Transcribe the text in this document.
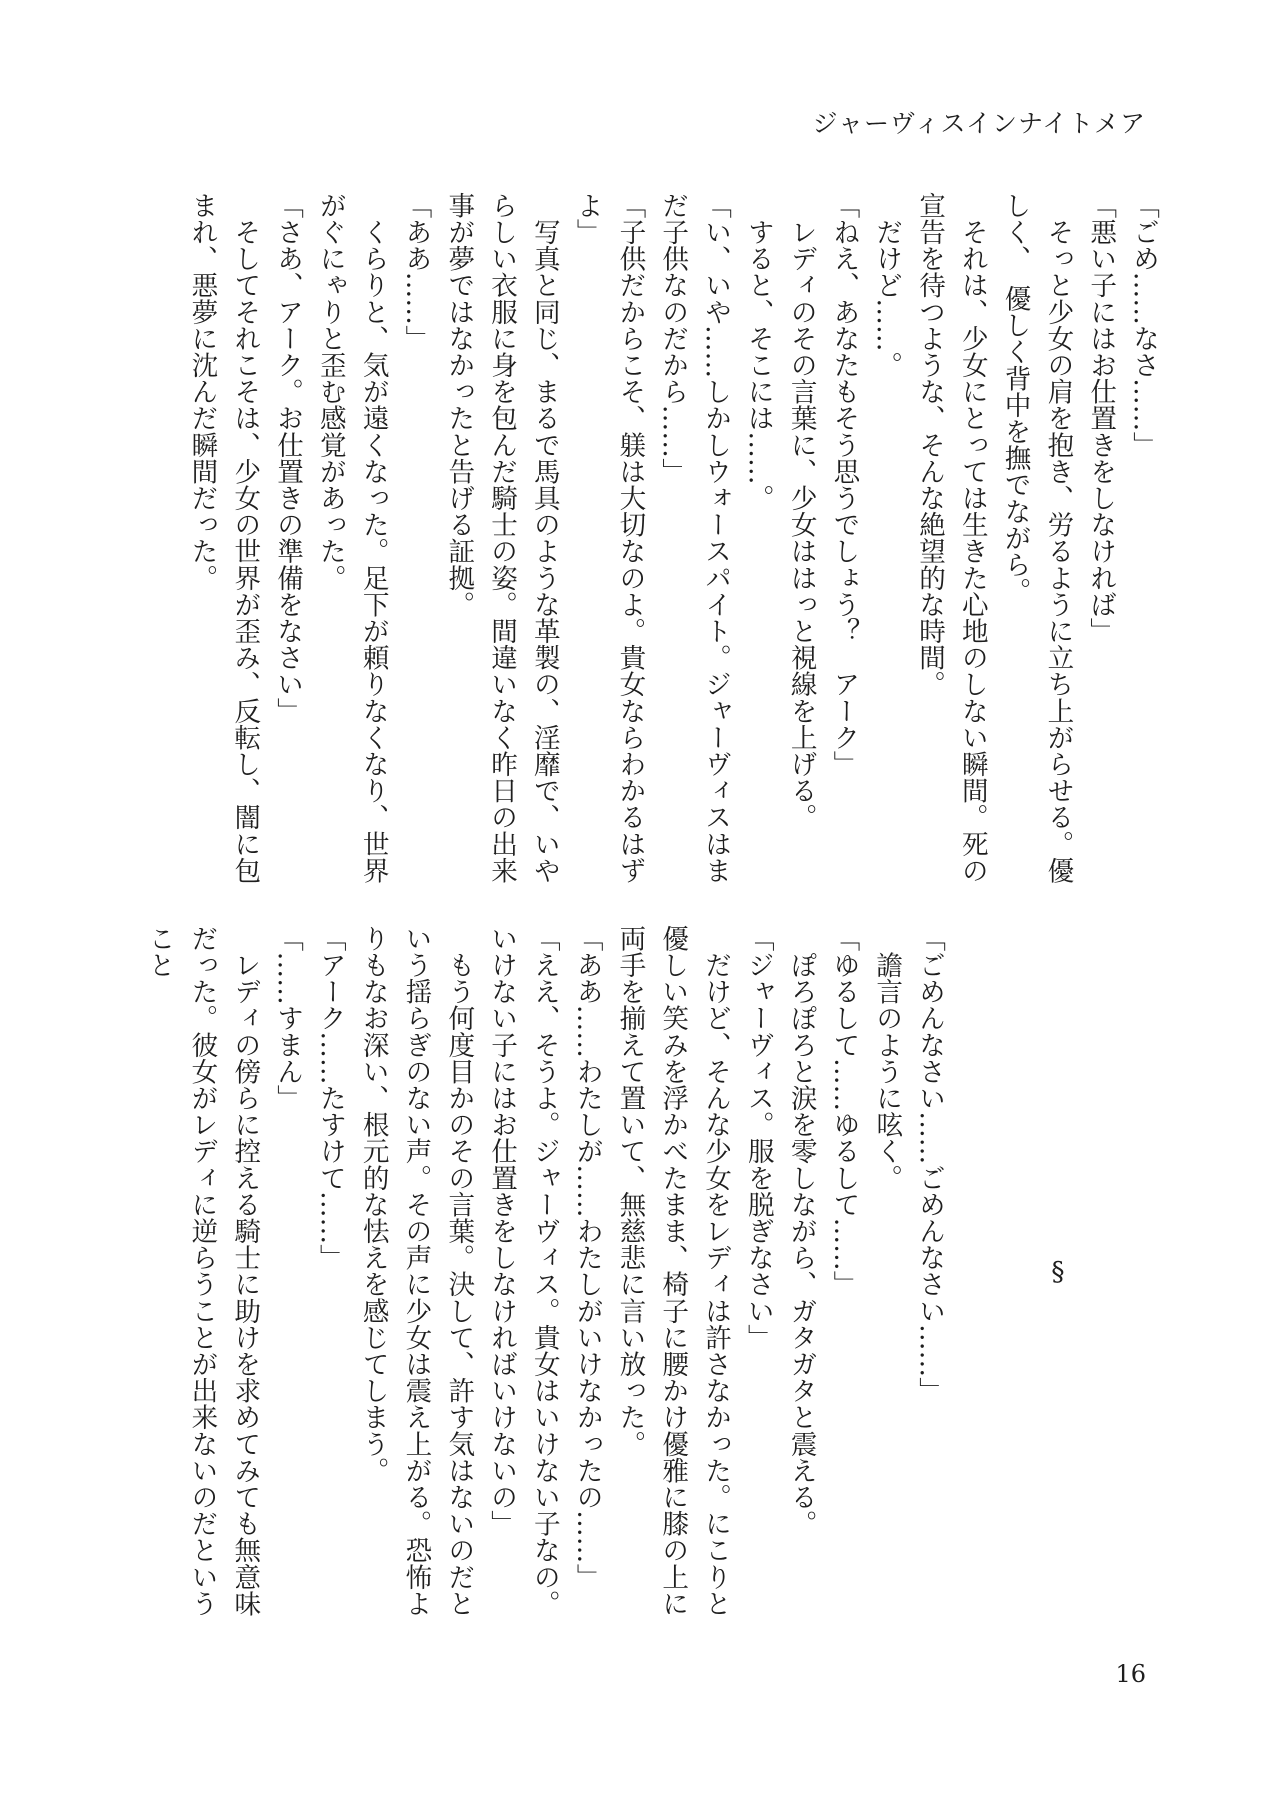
ジャーヴィスインナイトメア

「ごめ……なさ……」

「悪い子にはお仕置きをしなければ」

　そっと少女の肩を抱き、労るように立ち上がらせる。優しく、　優しく背中を撫でながら。

　それは、少女にとっては生きた心地のしない瞬間。死の宣告を待つような、そんな絶望的な時間。

　だけど……。

「ねえ、あなたもそう思うでしょう？　アーク」

　レディのその言葉に、少女ははっと視線を上げる。

　すると、そこには……。

「い、いや……しかしウォースパイト。ジャーヴィスはまだ子供なのだから……」

「子供だからこそ、躾は大切なのよ。貴女ならわかるはずよ」

　写真と同じ、まるで馬具のような革製の、淫靡で、いやらしい衣服に身を包んだ騎士の姿。間違いなく昨日の出来事が夢ではなかったと告げる証拠。

「ああ……」

　くらりと、気が遠くなった。足下が頼りなくなり、世界がぐにゃりと歪む感覚があった。

「さあ、アーク。お仕置きの準備をなさい」

　そしてそれこそは、少女の世界が歪み、反転し、闇に包まれ、悪夢に沈んだ瞬間だった。

§

「ごめんなさい……ごめんなさい……」

　譫言のように呟く。

「ゆるして……ゆるして……」

　ぽろぽろと涙を零しながら、ガタガタと震える。

「ジャーヴィス。服を脱ぎなさい」

　だけど、そんな少女をレディは許さなかった。にこりと優しい笑みを浮かべたまま、椅子に腰かけ優雅に膝の上に両手を揃えて置いて、無慈悲に言い放った。

「ああ……わたしが……わたしがいけなかったの……」

「ええ、そうよ。ジャーヴィス。貴女はいけない子なの。いけない子にはお仕置きをしなければいけないの」

　もう何度目かのその言葉。決して、許す気はないのだという揺らぎのない声。その声に少女は震え上がる。恐怖よりもなお深い、根元的な怯えを感じてしまう。

「アーク……たすけて……」

「……すまん」

　レディの傍らに控える騎士に助けを求めてみても無意味だった。彼女がレディに逆らうことが出来ないのだということ

16
